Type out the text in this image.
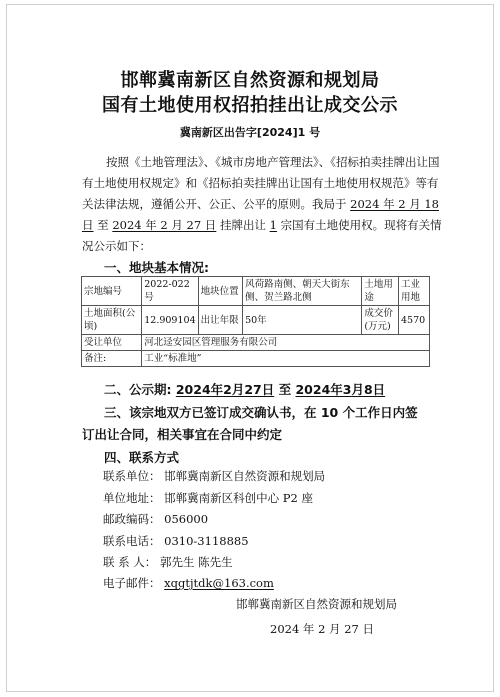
邯郸冀南新区自然资源和规划局
国有土地使用权招拍挂出让成交公示
冀南新区出告字[2024]1 号
按照《土地管理法》、《城市房地产管理法》、《招标拍卖挂牌出让国有土地使用权规定》和《招标拍卖挂牌出让国有土地使用权规范》等有关法律法规，遵循公开、公正、公平的原则。我局于 2024 年 2 月 18 日 至 2024 年 2 月 27 日 挂牌出让 1 宗国有土地使用权。现将有关情况公示如下：
一、地块基本情况:
宗地编号	2022-022号	地块位置	风荷路南侧、朝天大街东侧、贺兰路北侧	土地用途	工业用地
土地面积(公顷)	12.909104	出让年限	50年	成交价(万元)	4570
受让单位	河北迳安园区管理服务有限公司				
备注:	工业“标准地”				
二、公示期: 2024年2月27日 至 2024年3月8日
三、该宗地双方已签订成交确认书，在 10 个工作日内签
订出让合同，相关事宜在合同中约定
四、联系方式
联系单位： 邯郸冀南新区自然资源和规划局
单位地址： 邯郸冀南新区科创中心 P2 座
邮政编码： 056000
联系电话： 0310-3118885
联 系 人： 郭先生 陈先生
电子邮件： xqgtjtdk@163.com
邯郸冀南新区自然资源和规划局
2024 年 2 月 27 日
